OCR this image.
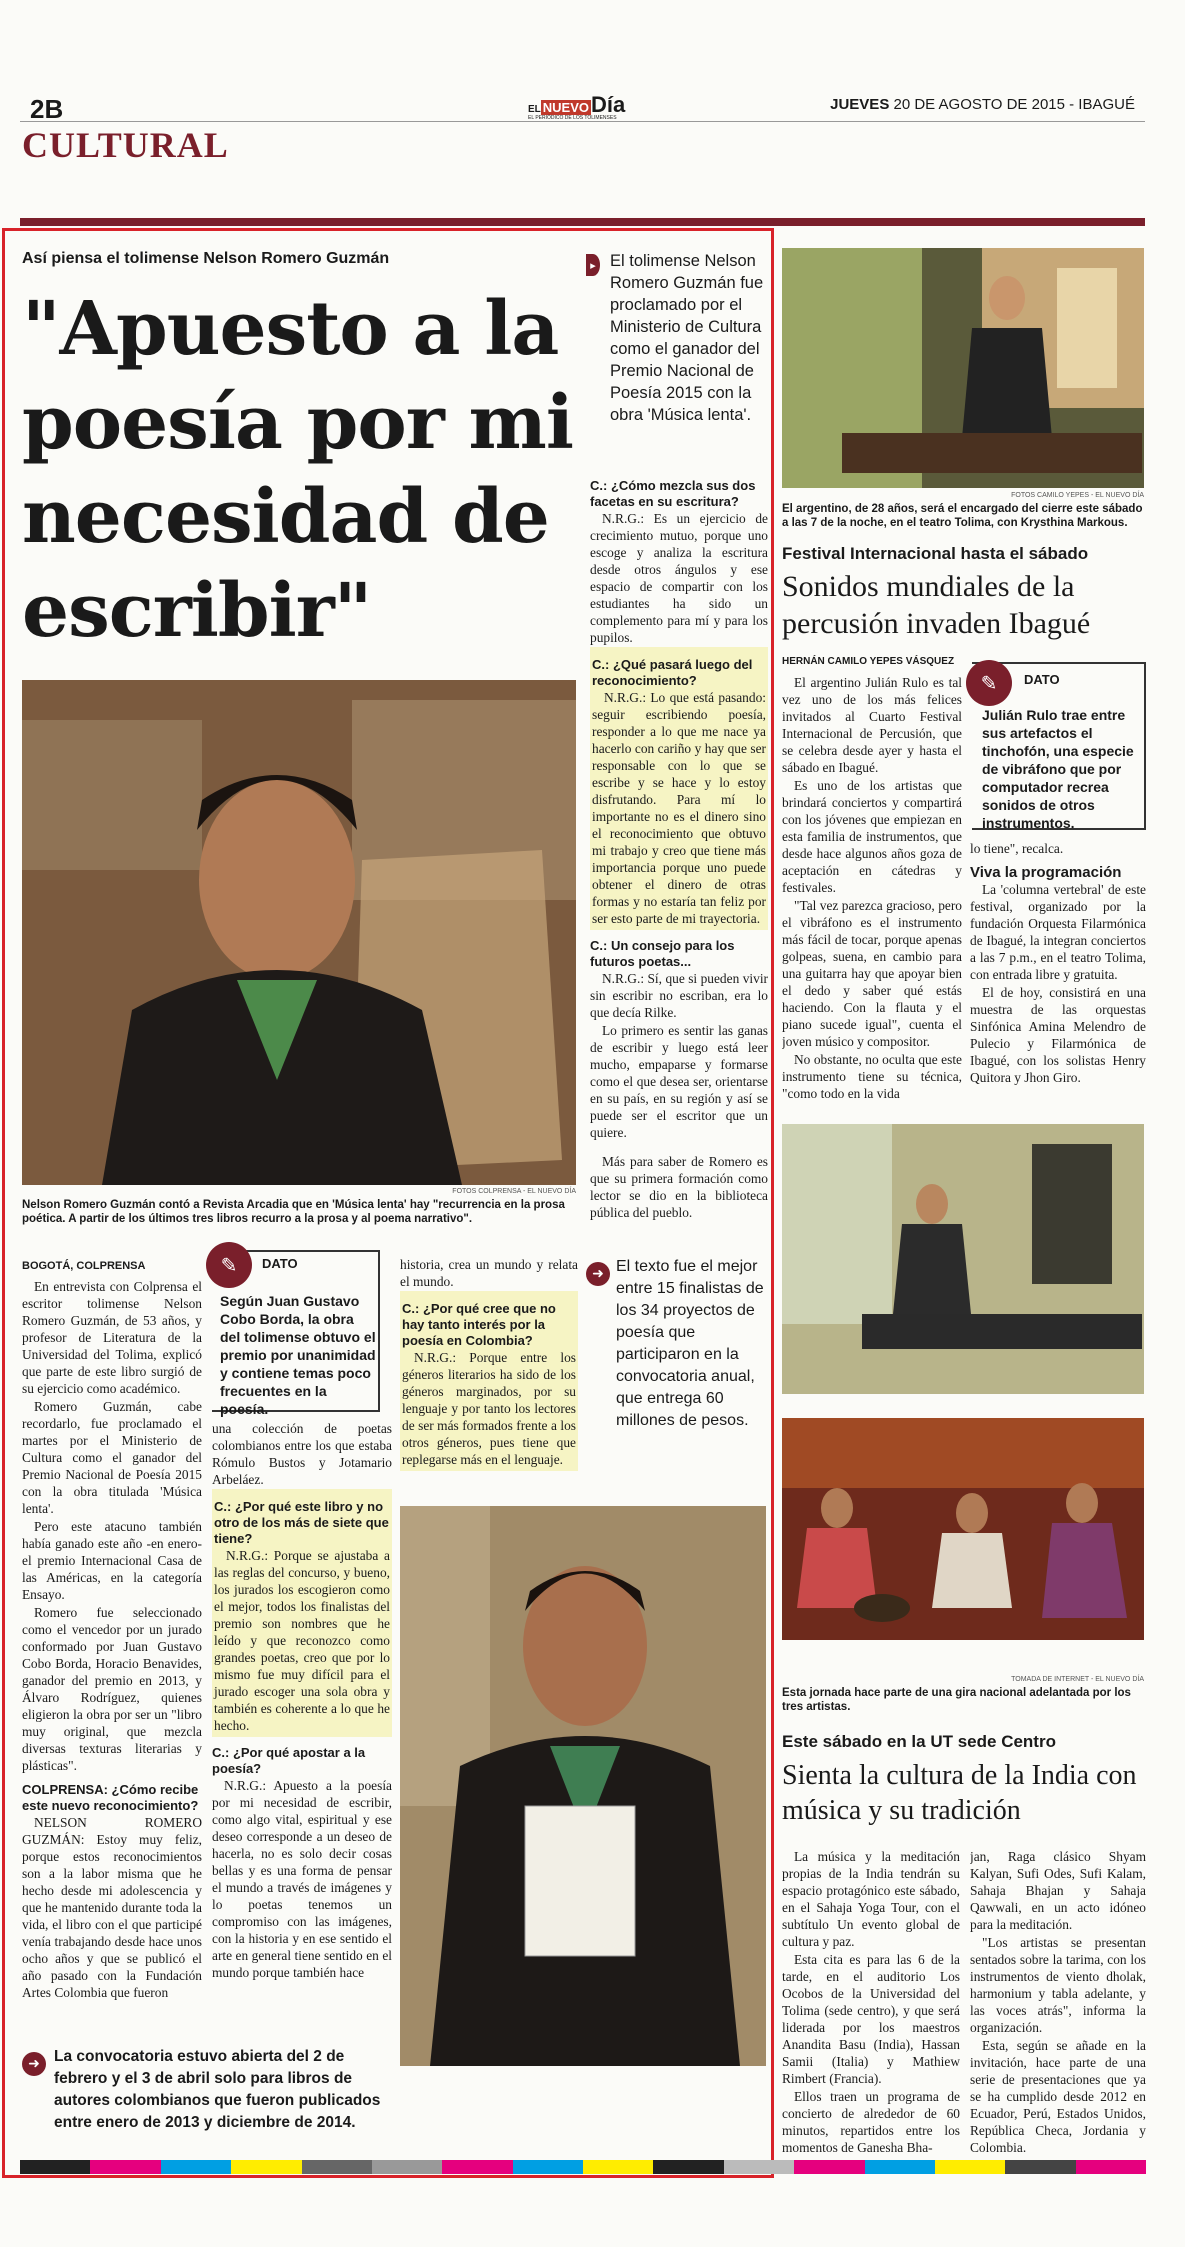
2B	EL NUEVODía
EL PERIÓDICO DE LOS TOLIMENSES
JUEVES 20 DE AGOSTO DE 2015 - IBAGUÉ
CULTURAL
Así piensa el tolimense Nelson Romero Guzmán
"Apuesto a la poesía por mi necesidad de escribir"
FOTOS COLPRENSA - EL NUEVO DÍA
Nelson Romero Guzmán contó a Revista Arcadia que en 'Música lenta' hay "recurrencia en la prosa poética. A partir de los últimos tres libros recurro a la prosa y al poema narrativo".
▸ El tolimense Nelson Romero Guzmán fue proclamado por el Ministerio de Cultura como el ganador del Premio Nacional de Poesía 2015 con la obra 'Música lenta'.
C.: ¿Cómo mezcla sus dos facetas en su escritura?

N.R.G.: Es un ejercicio de crecimiento mutuo, porque uno escoge y analiza la escritura desde otros ángulos y ese espacio de compartir con los estudiantes ha sido un complemento para mí y para los pupilos.

C.: ¿Qué pasará luego del reconocimiento?

N.R.G.: Lo que está pasando: seguir escribiendo poesía, responder a lo que me nace ya hacerlo con cariño y hay que ser responsable con lo que se escribe y se hace y lo estoy disfrutando. Para mí lo importante no es el dinero sino el reconocimiento que obtuvo mi trabajo y creo que tiene más importancia porque uno puede obtener el dinero de otras formas y no estaría tan feliz por ser esto parte de mi trayectoria.

C.: Un consejo para los futuros poetas...

N.R.G.: Sí, que si pueden vivir sin escribir no escriban, era lo que decía Rilke.

Lo primero es sentir las ganas de escribir y luego está leer mucho, empaparse y formarse como el que desea ser, orientarse en su país, en su región y así se puede ser el escritor que un quiere.

Más para saber de Romero es que su primera formación como lector se dio en la biblioteca pública del pueblo.

BOGOTÁ, COLPRENSA

En entrevista con Colprensa el escritor tolimense Nelson Romero Guzmán, de 53 años, y profesor de Literatura de la Universidad del Tolima, explicó que parte de este libro surgió de su ejercicio como académico.

Romero Guzmán, cabe recordarlo, fue proclamado el martes por el Ministerio de Cultura como el ganador del Premio Nacional de Poesía 2015 con la obra titulada 'Música lenta'.

Pero este atacuno también había ganado este año -en enero- el premio Internacional Casa de las Américas, en la categoría Ensayo.

Romero fue seleccionado como el vencedor por un jurado conformado por Juan Gustavo Cobo Borda, Horacio Benavides, ganador del premio en 2013, y Álvaro Rodríguez, quienes eligieron la obra por ser un "libro muy original, que mezcla diversas texturas literarias y plásticas".

COLPRENSA: ¿Cómo recibe este nuevo reconocimiento?

NELSON ROMERO GUZMÁN: Estoy muy feliz, porque estos reconocimientos son a la labor misma que he hecho desde mi adolescencia y que he mantenido durante toda la vida, el libro con el que participé venía trabajando desde hace unos ocho años y que se publicó el año pasado con la Fundación Artes Colombia que fueron

✎	DATO
Según Juan Gustavo Cobo Borda, la obra del tolimense obtuvo el premio por unanimidad y contiene temas poco frecuentes en la poesía.

una colección de poetas colombianos entre los que estaba Rómulo Bustos y Jotamario Arbeláez.

C.: ¿Por qué este libro y no otro de los más de siete que tiene?

N.R.G.: Porque se ajustaba a las reglas del concurso, y bueno, los jurados los escogieron como el mejor, todos los finalistas del premio son nombres que he leído y que reconozco como grandes poetas, creo que por lo mismo fue muy difícil para el jurado escoger una sola obra y también es coherente a lo que he hecho.

C.: ¿Por qué apostar a la poesía?

N.R.G.: Apuesto a la poesía por mi necesidad de escribir, como algo vital, espiritual y ese deseo corresponde a un deseo de hacerla, no es solo decir cosas bellas y es una forma de pensar el mundo a través de imágenes y lo poetas tenemos un compromiso con las imágenes, con la historia y en ese sentido el arte en general tiene sentido en el mundo porque también hace

historia, crea un mundo y relata el mundo.

C.: ¿Por qué cree que no hay tanto interés por la poesía en Colombia?

N.R.G.: Porque entre los géneros literarios ha sido de los géneros marginados, por su lenguaje y por tanto los lectores de ser más formados frente a los otros géneros, pues tiene que replegarse más en el lenguaje.

➜ El texto fue el mejor entre 15 finalistas de los 34 proyectos de poesía que participaron en la convocatoria anual, que entrega 60 millones de pesos.
➜ La convocatoria estuvo abierta del 2 de febrero y el 3 de abril solo para libros de autores colombianos que fueron publicados entre enero de 2013 y diciembre de 2014.
FOTOS CAMILO YEPES - EL NUEVO DÍA
El argentino, de 28 años, será el encargado del cierre este sábado a las 7 de la noche, en el teatro Tolima, con Krysthina Markous.
Festival Internacional hasta el sábado
Sonidos mundiales de la percusión invaden Ibagué
HERNÁN CAMILO YEPES VÁSQUEZ
✎	DATO
Julián Rulo trae entre sus artefactos el tinchofón, una especie de vibráfono que por computador recrea sonidos de otros instrumentos.

El argentino Julián Rulo es tal vez uno de los más felices invitados al Cuarto Festival Internacional de Percusión, que se celebra desde ayer y hasta el sábado en Ibagué.

Es uno de los artistas que brindará conciertos y compartirá con los jóvenes que empiezan en esta familia de instrumentos, que desde hace algunos años goza de aceptación en cátedras y festivales.

"Tal vez parezca gracioso, pero el vibráfono es el instrumento más fácil de tocar, porque apenas golpeas, suena, en cambio para una guitarra hay que apoyar bien el dedo y saber qué estás haciendo. Con la flauta y el piano sucede igual", cuenta el joven músico y compositor.

No obstante, no oculta que este instrumento tiene su técnica, "como todo en la vida

lo tiene", recalca.

Viva la programación

La 'columna vertebral' de este festival, organizado por la fundación Orquesta Filarmónica de Ibagué, la integran conciertos a las 7 p.m., en el teatro Tolima, con entrada libre y gratuita.

El de hoy, consistirá en una muestra de las orquestas Sinfónica Amina Melendro de Pulecio y Filarmónica de Ibagué, con los solistas Henry Quitora y Jhon Giro.

TOMADA DE INTERNET - EL NUEVO DÍA
Esta jornada hace parte de una gira nacional adelantada por los tres artistas.
Este sábado en la UT sede Centro
Sienta la cultura de la India con música y su tradición

La música y la meditación propias de la India tendrán su espacio protagónico este sábado, en el Sahaja Yoga Tour, con el subtítulo Un evento global de cultura y paz.

Esta cita es para las 6 de la tarde, en el auditorio Los Ocobos de la Universidad del Tolima (sede centro), y que será liderada por los maestros Anandita Basu (India), Hassan Samii (Italia) y Mathiew Rimbert (Francia).

Ellos traen un programa de concierto de alrededor de 60 minutos, repartidos entre los momentos de Ganesha Bha-

jan, Raga clásico Shyam Kalyan, Sufi Odes, Sufi Kalam, Sahaja Bhajan y Sahaja Qawwali, en un acto idóneo para la meditación.

"Los artistas se presentan sentados sobre la tarima, con los instrumentos de viento dholak, harmonium y tabla adelante, y las voces atrás", informa la organización.

Esta, según se añade en la invitación, hace parte de una serie de presentaciones que ya se ha cumplido desde 2012 en Ecuador, Perú, Estados Unidos, República Checa, Jordania y Colombia.
